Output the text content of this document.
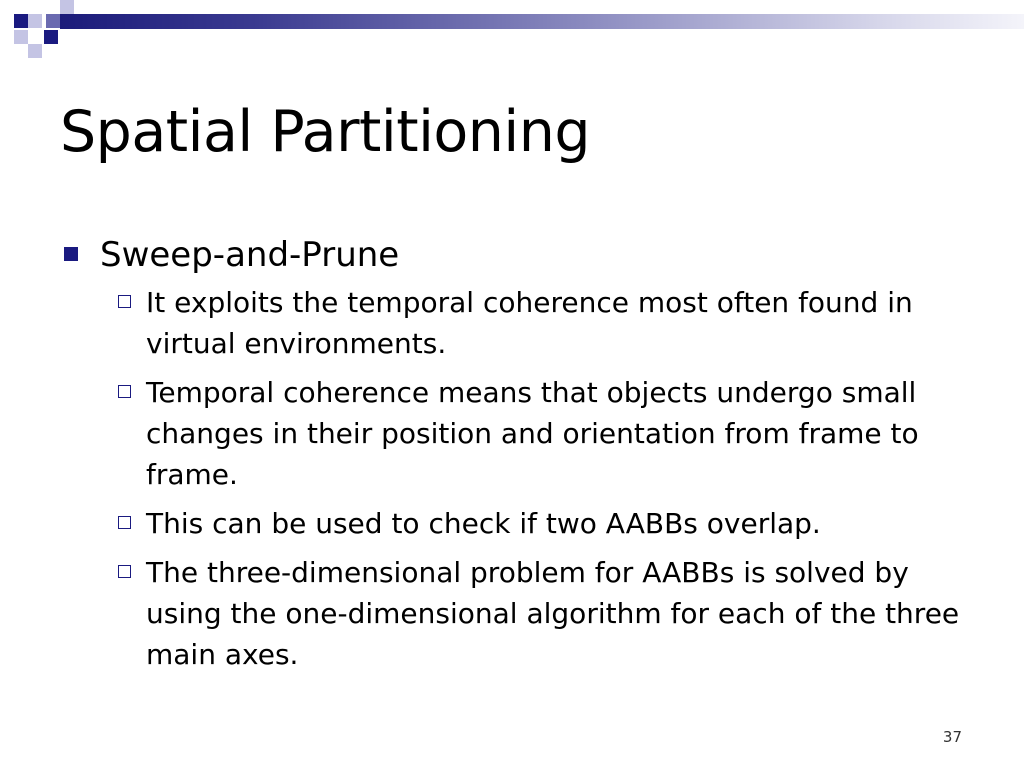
Spatial Partitioning
Sweep-and-Prune
It exploits the temporal coherence most often found in virtual environments.
Temporal coherence means that objects undergo small changes in their position and orientation from frame to frame.
This can be used to check if two AABBs overlap.
The three-dimensional problem for AABBs is solved by using the one-dimensional algorithm for each of the three main axes.
37
